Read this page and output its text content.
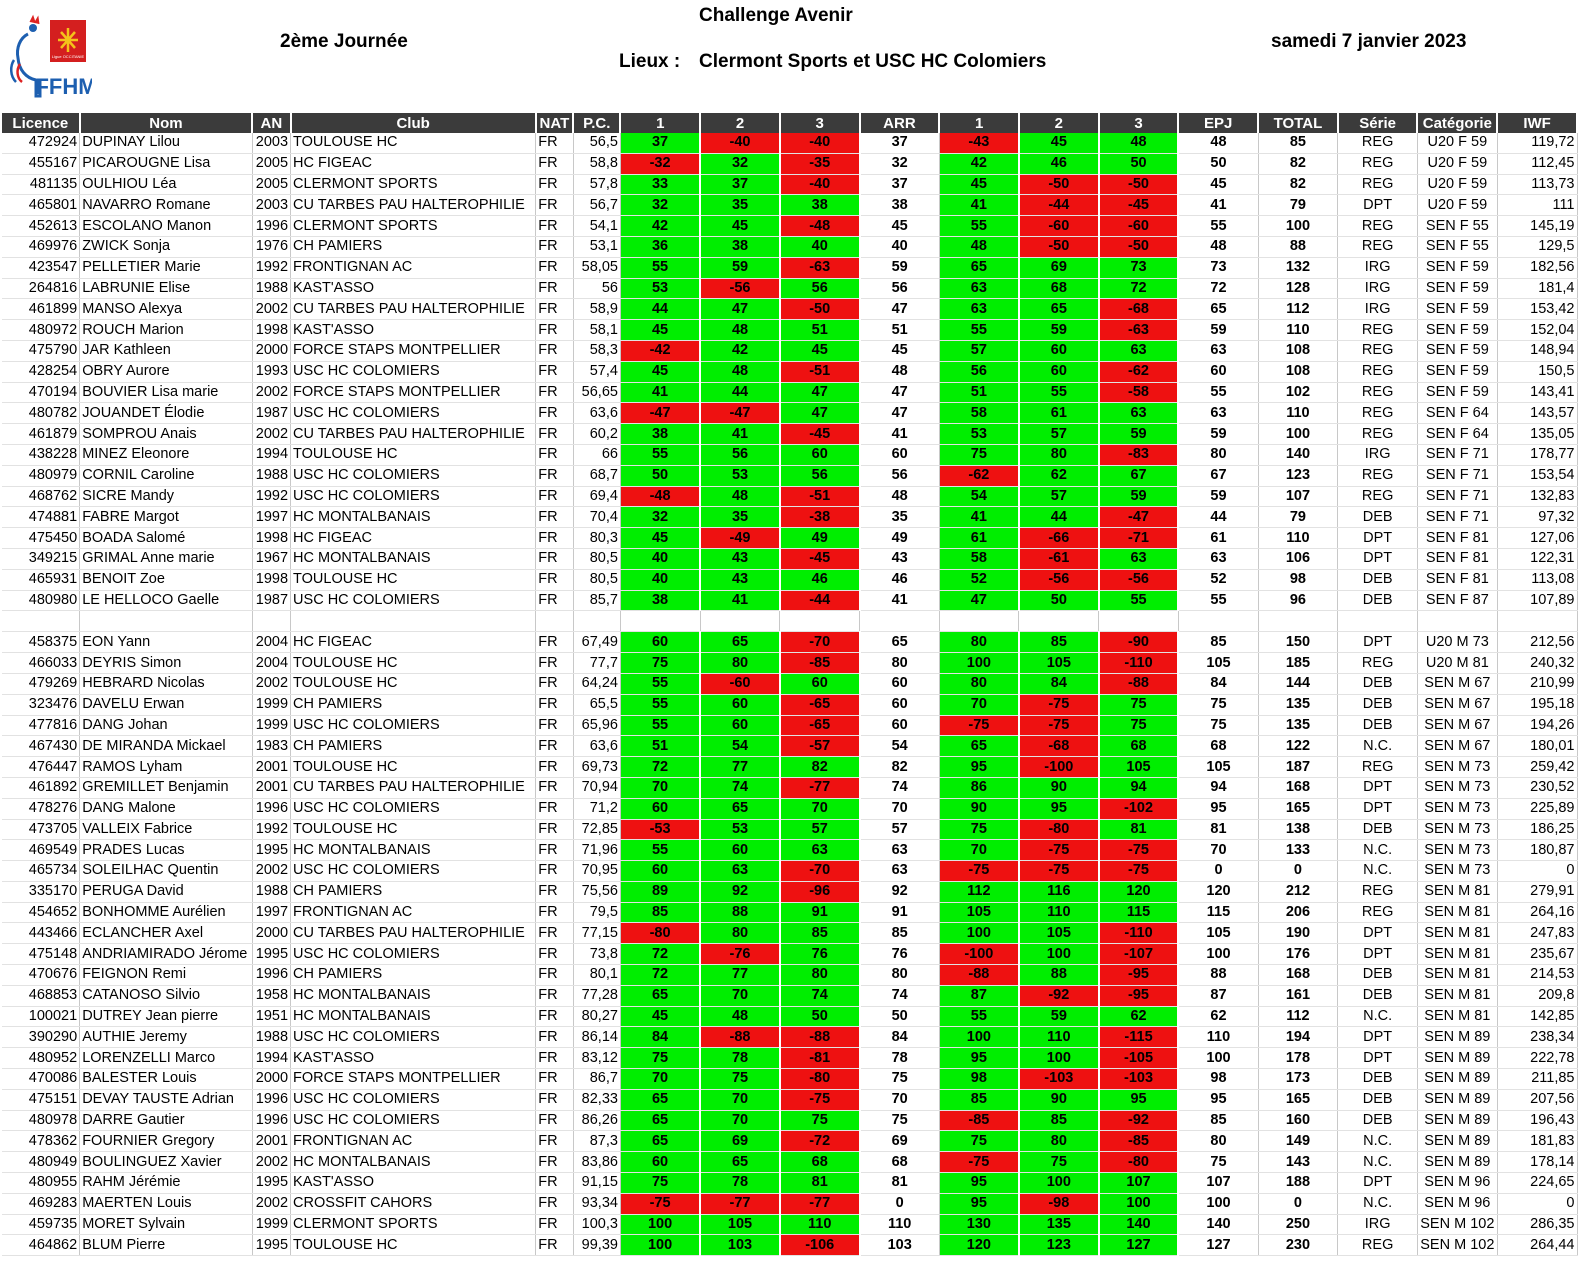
Ligue OCCITANIE
FFHM
Challenge Avenir
2ème Journée	samedi 7 janvier 2023
Lieux : Clermont Sports et USC HC Colomiers
Licence	Nom	AN	Club	NAT	P.C.	1	2	3	ARR	1	2	3	EPJ	TOTAL	Série	Catégorie	IWF
472924	DUPINAY Lilou	2003	TOULOUSE HC	FR	56,5	37	-40	-40	37	-43	45	48	48	85	REG	U20 F 59	119,72
455167	PICAROUGNE Lisa	2005	HC FIGEAC	FR	58,8	-32	32	-35	32	42	46	50	50	82	REG	U20 F 59	112,45
481135	OULHIOU Léa	2005	CLERMONT SPORTS	FR	57,8	33	37	-40	37	45	-50	-50	45	82	REG	U20 F 59	113,73
465801	NAVARRO Romane	2003	CU TARBES PAU HALTEROPHILIE	FR	56,7	32	35	38	38	41	-44	-45	41	79	DPT	U20 F 59	111
452613	ESCOLANO Manon	1996	CLERMONT SPORTS	FR	54,1	42	45	-48	45	55	-60	-60	55	100	REG	SEN F 55	145,19
469976	ZWICK Sonja	1976	CH PAMIERS	FR	53,1	36	38	40	40	48	-50	-50	48	88	REG	SEN F 55	129,5
423547	PELLETIER Marie	1992	FRONTIGNAN AC	FR	58,05	55	59	-63	59	65	69	73	73	132	IRG	SEN F 59	182,56
264816	LABRUNIE Elise	1988	KAST'ASSO	FR	56	53	-56	56	56	63	68	72	72	128	IRG	SEN F 59	181,4
461899	MANSO Alexya	2002	CU TARBES PAU HALTEROPHILIE	FR	58,9	44	47	-50	47	63	65	-68	65	112	IRG	SEN F 59	153,42
480972	ROUCH Marion	1998	KAST'ASSO	FR	58,1	45	48	51	51	55	59	-63	59	110	REG	SEN F 59	152,04
475790	JAR Kathleen	2000	FORCE STAPS MONTPELLIER	FR	58,3	-42	42	45	45	57	60	63	63	108	REG	SEN F 59	148,94
428254	OBRY Aurore	1993	USC HC COLOMIERS	FR	57,4	45	48	-51	48	56	60	-62	60	108	REG	SEN F 59	150,5
470194	BOUVIER Lisa marie	2002	FORCE STAPS MONTPELLIER	FR	56,65	41	44	47	47	51	55	-58	55	102	REG	SEN F 59	143,41
480782	JOUANDET Élodie	1987	USC HC COLOMIERS	FR	63,6	-47	-47	47	47	58	61	63	63	110	REG	SEN F 64	143,57
461879	SOMPROU Anais	2002	CU TARBES PAU HALTEROPHILIE	FR	60,2	38	41	-45	41	53	57	59	59	100	REG	SEN F 64	135,05
438228	MINEZ Eleonore	1994	TOULOUSE HC	FR	66	55	56	60	60	75	80	-83	80	140	IRG	SEN F 71	178,77
480979	CORNIL Caroline	1988	USC HC COLOMIERS	FR	68,7	50	53	56	56	-62	62	67	67	123	REG	SEN F 71	153,54
468762	SICRE Mandy	1992	USC HC COLOMIERS	FR	69,4	-48	48	-51	48	54	57	59	59	107	REG	SEN F 71	132,83
474881	FABRE Margot	1997	HC MONTALBANAIS	FR	70,4	32	35	-38	35	41	44	-47	44	79	DEB	SEN F 71	97,32
475450	BOADA Salomé	1998	HC FIGEAC	FR	80,3	45	-49	49	49	61	-66	-71	61	110	DPT	SEN F 81	127,06
349215	GRIMAL Anne marie	1967	HC MONTALBANAIS	FR	80,5	40	43	-45	43	58	-61	63	63	106	DPT	SEN F 81	122,31
465931	BENOIT Zoe	1998	TOULOUSE HC	FR	80,5	40	43	46	46	52	-56	-56	52	98	DEB	SEN F 81	113,08
480980	LE HELLOCO Gaelle	1987	USC HC COLOMIERS	FR	85,7	38	41	-44	41	47	50	55	55	96	DEB	SEN F 87	107,89

458375	EON Yann	2004	HC FIGEAC	FR	67,49	60	65	-70	65	80	85	-90	85	150	DPT	U20 M 73	212,56
466033	DEYRIS Simon	2004	TOULOUSE HC	FR	77,7	75	80	-85	80	100	105	-110	105	185	REG	U20 M 81	240,32
479269	HEBRARD Nicolas	2002	TOULOUSE HC	FR	64,24	55	-60	60	60	80	84	-88	84	144	DEB	SEN M 67	210,99
323476	DAVELU Erwan	1999	CH PAMIERS	FR	65,5	55	60	-65	60	70	-75	75	75	135	DEB	SEN M 67	195,18
477816	DANG Johan	1999	USC HC COLOMIERS	FR	65,96	55	60	-65	60	-75	-75	75	75	135	DEB	SEN M 67	194,26
467430	DE MIRANDA Mickael	1983	CH PAMIERS	FR	63,6	51	54	-57	54	65	-68	68	68	122	N.C.	SEN M 67	180,01
476447	RAMOS Lyham	2001	TOULOUSE HC	FR	69,73	72	77	82	82	95	-100	105	105	187	REG	SEN M 73	259,42
461892	GREMILLET Benjamin	2001	CU TARBES PAU HALTEROPHILIE	FR	70,94	70	74	-77	74	86	90	94	94	168	DPT	SEN M 73	230,52
478276	DANG Malone	1996	USC HC COLOMIERS	FR	71,2	60	65	70	70	90	95	-102	95	165	DPT	SEN M 73	225,89
473705	VALLEIX Fabrice	1992	TOULOUSE HC	FR	72,85	-53	53	57	57	75	-80	81	81	138	DEB	SEN M 73	186,25
469549	PRADES Lucas	1995	HC MONTALBANAIS	FR	71,96	55	60	63	63	70	-75	-75	70	133	N.C.	SEN M 73	180,87
465734	SOLEILHAC Quentin	2002	USC HC COLOMIERS	FR	70,95	60	63	-70	63	-75	-75	-75	0	0	N.C.	SEN M 73	0
335170	PERUGA David	1988	CH PAMIERS	FR	75,56	89	92	-96	92	112	116	120	120	212	REG	SEN M 81	279,91
454652	BONHOMME Aurélien	1997	FRONTIGNAN AC	FR	79,5	85	88	91	91	105	110	115	115	206	REG	SEN M 81	264,16
443466	ECLANCHER Axel	2000	CU TARBES PAU HALTEROPHILIE	FR	77,15	-80	80	85	85	100	105	-110	105	190	DPT	SEN M 81	247,83
475148	ANDRIAMIRADO Jérome	1995	USC HC COLOMIERS	FR	73,8	72	-76	76	76	-100	100	-107	100	176	DPT	SEN M 81	235,67
470676	FEIGNON Remi	1996	CH PAMIERS	FR	80,1	72	77	80	80	-88	88	-95	88	168	DEB	SEN M 81	214,53
468853	CATANOSO Silvio	1958	HC MONTALBANAIS	FR	77,28	65	70	74	74	87	-92	-95	87	161	DEB	SEN M 81	209,8
100021	DUTREY Jean pierre	1951	HC MONTALBANAIS	FR	80,27	45	48	50	50	55	59	62	62	112	N.C.	SEN M 81	142,85
390290	AUTHIE Jeremy	1988	USC HC COLOMIERS	FR	86,14	84	-88	-88	84	100	110	-115	110	194	DPT	SEN M 89	238,34
480952	LORENZELLI Marco	1994	KAST'ASSO	FR	83,12	75	78	-81	78	95	100	-105	100	178	DPT	SEN M 89	222,78
470086	BALESTER Louis	2000	FORCE STAPS MONTPELLIER	FR	86,7	70	75	-80	75	98	-103	-103	98	173	DEB	SEN M 89	211,85
475151	DEVAY TAUSTE Adrian	1996	USC HC COLOMIERS	FR	82,33	65	70	-75	70	85	90	95	95	165	DEB	SEN M 89	207,56
480978	DARRE Gautier	1996	USC HC COLOMIERS	FR	86,26	65	70	75	75	-85	85	-92	85	160	DEB	SEN M 89	196,43
478362	FOURNIER Gregory	2001	FRONTIGNAN AC	FR	87,3	65	69	-72	69	75	80	-85	80	149	N.C.	SEN M 89	181,83
480949	BOULINGUEZ Xavier	2002	HC MONTALBANAIS	FR	83,86	60	65	68	68	-75	75	-80	75	143	N.C.	SEN M 89	178,14
480955	RAHM Jérémie	1995	KAST'ASSO	FR	91,15	75	78	81	81	95	100	107	107	188	DPT	SEN M 96	224,65
469283	MAERTEN Louis	2002	CROSSFIT CAHORS	FR	93,34	-75	-77	-77	0	95	-98	100	100	0	N.C.	SEN M 96	0
459735	MORET Sylvain	1999	CLERMONT SPORTS	FR	100,3	100	105	110	110	130	135	140	140	250	IRG	SEN M 102	286,35
464862	BLUM Pierre	1995	TOULOUSE HC	FR	99,39	100	103	-106	103	120	123	127	127	230	REG	SEN M 102	264,44
